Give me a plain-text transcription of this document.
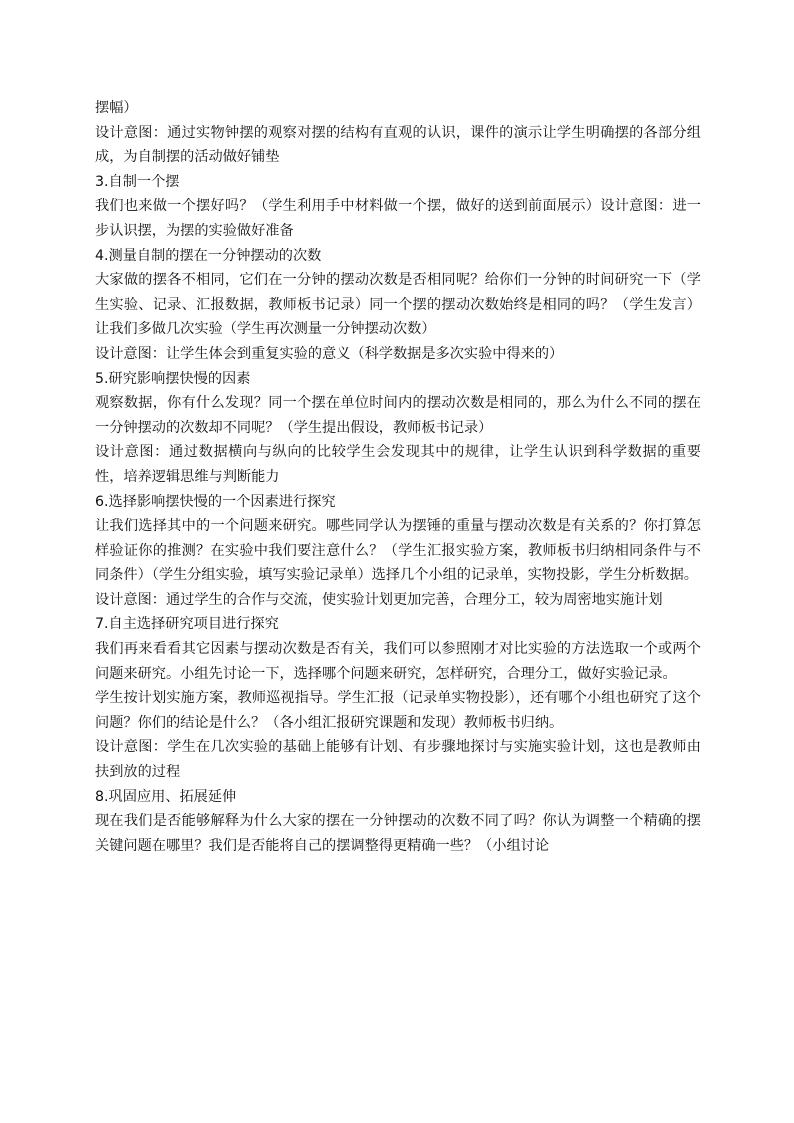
摆幅）

设计意图：通过实物钟摆的观察对摆的结构有直观的认识，课件的演示让学生明确摆的各部分组成，为自制摆的活动做好铺垫

3.自制一个摆

我们也来做一个摆好吗？（学生利用手中材料做一个摆，做好的送到前面展示）设计意图：进一步认识摆，为摆的实验做好准备

4.测量自制的摆在一分钟摆动的次数

大家做的摆各不相同，它们在一分钟的摆动次数是否相同呢？给你们一分钟的时间研究一下（学生实验、记录、汇报数据，教师板书记录）同一个摆的摆动次数始终是相同的吗？（学生发言）让我们多做几次实验（学生再次测量一分钟摆动次数）

设计意图：让学生体会到重复实验的意义（科学数据是多次实验中得来的）

5.研究影响摆快慢的因素

观察数据，你有什么发现？同一个摆在单位时间内的摆动次数是相同的，那么为什么不同的摆在一分钟摆动的次数却不同呢？（学生提出假设，教师板书记录）

设计意图：通过数据横向与纵向的比较学生会发现其中的规律，让学生认识到科学数据的重要性，培养逻辑思维与判断能力

6.选择影响摆快慢的一个因素进行探究

让我们选择其中的一个问题来研究。哪些同学认为摆锤的重量与摆动次数是有关系的？你打算怎样验证你的推测？在实验中我们要注意什么？（学生汇报实验方案，教师板书归纳相同条件与不同条件）（学生分组实验，填写实验记录单）选择几个小组的记录单，实物投影，学生分析数据。

设计意图：通过学生的合作与交流，使实验计划更加完善，合理分工，较为周密地实施计划

7.自主选择研究项目进行探究

我们再来看看其它因素与摆动次数是否有关，我们可以参照刚才对比实验的方法选取一个或两个问题来研究。小组先讨论一下，选择哪个问题来研究，怎样研究，合理分工，做好实验记录。

学生按计划实施方案，教师巡视指导。学生汇报（记录单实物投影），还有哪个小组也研究了这个问题？你们的结论是什么？（各小组汇报研究课题和发现）教师板书归纳。

设计意图：学生在几次实验的基础上能够有计划、有步骤地探讨与实施实验计划，这也是教师由扶到放的过程

8.巩固应用、拓展延伸

现在我们是否能够解释为什么大家的摆在一分钟摆动的次数不同了吗？你认为调整一个精确的摆关键问题在哪里？我们是否能将自己的摆调整得更精确一些？（小组讨论
